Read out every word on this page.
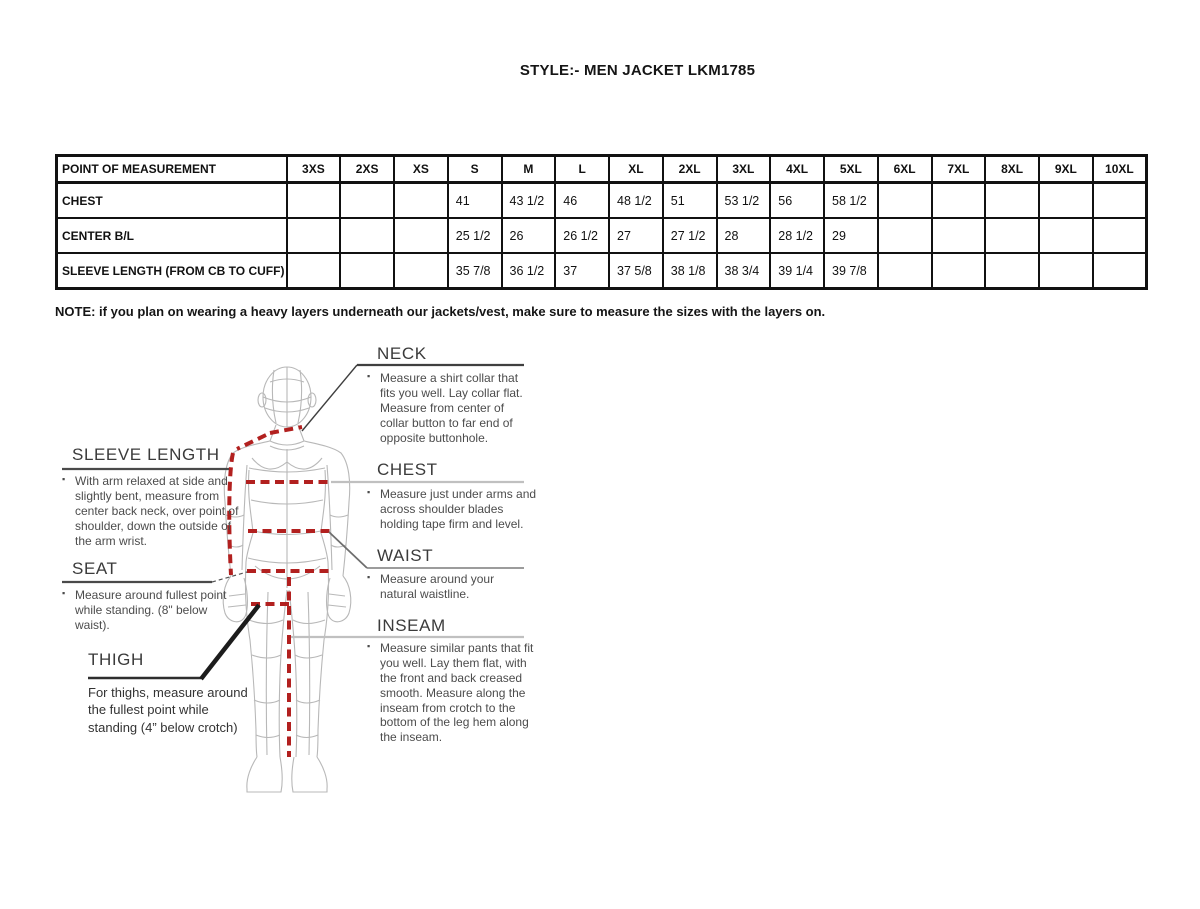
STYLE:- MEN JACKET LKM1785
POINT OF MEASUREMENT	3XS	2XS	XS	S	M	L	XL	2XL	3XL	4XL	5XL	6XL	7XL	8XL	9XL	10XL
CHEST				41	43 1/2	46	48 1/2	51	53 1/2	56	58 1/2					
CENTER B/L				25 1/2	26	26 1/2	27	27 1/2	28	28 1/2	29					
SLEEVE LENGTH (FROM CB TO CUFF)				35 7/8	36 1/2	37	37 5/8	38 1/8	38 3/4	39 1/4	39 7/8					
NOTE: if you plan on wearing a heavy layers underneath our jackets/vest, make sure to measure the sizes with the layers on.
NECK
▪ Measure a shirt collar that fits you well. Lay collar flat. Measure from center of collar button to far end of opposite buttonhole.
CHEST
▪ Measure just under arms and across shoulder blades holding tape firm and level.
WAIST
▪ Measure around your natural waistline.
INSEAM
▪ Measure similar pants that fit you well. Lay them flat, with the front and back creased smooth. Measure along the inseam from crotch to the bottom of the leg hem along the inseam.
SLEEVE LENGTH
▪ With arm relaxed at side and slightly bent, measure from center back neck, over point of shoulder, down the outside of the arm wrist.
SEAT
▪ Measure around fullest point while standing. (8" below waist).
THIGH
For thighs, measure around the fullest point while standing (4” below crotch)
